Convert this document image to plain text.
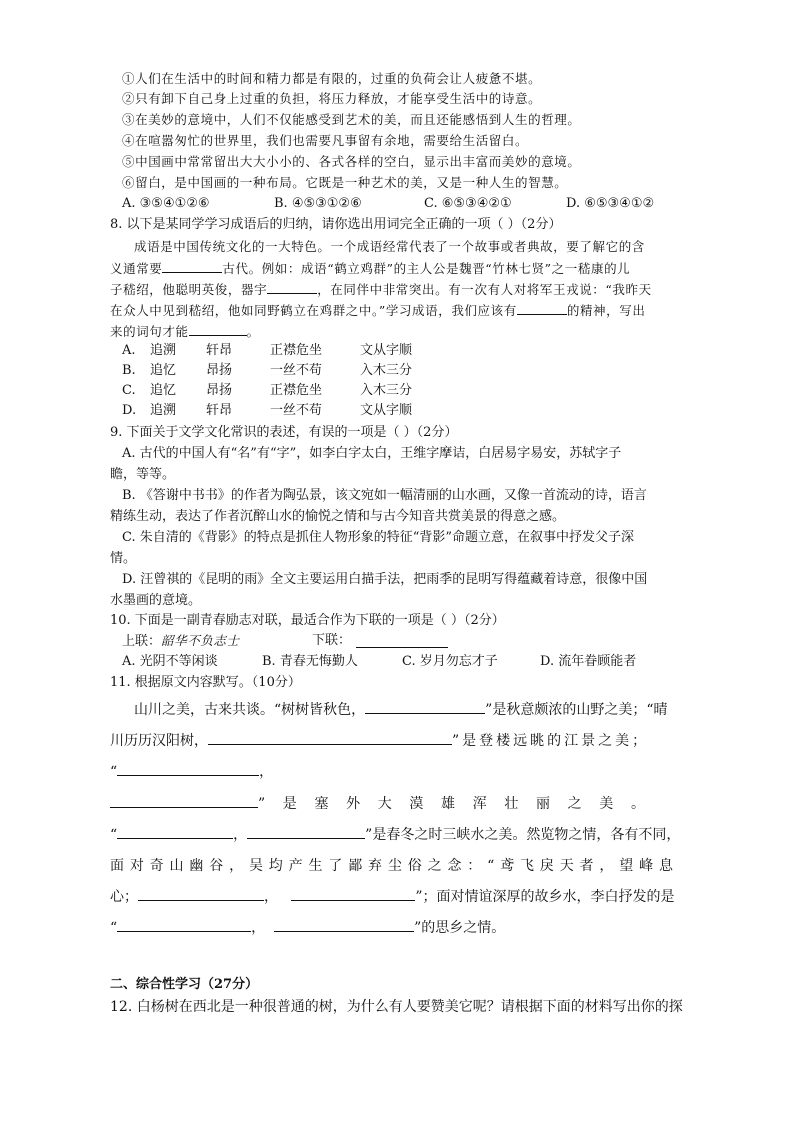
①人们在生活中的时间和精力都是有限的，过重的负荷会让人疲惫不堪。
②只有卸下自己身上过重的负担，将压力释放，才能享受生活中的诗意。
③在美妙的意境中，人们不仅能感受到艺术的美，而且还能感悟到人生的哲理。
④在喧嚣匆忙的世界里，我们也需要凡事留有余地，需要给生活留白。
⑤中国画中常常留出大大小小的、各式各样的空白，显示出丰富而美妙的意境。
⑥留白，是中国画的一种布局。它既是一种艺术的美，又是一种人生的智慧。
A. ③⑤④①②⑥	B. ④⑤③①②⑥	C. ⑥⑤③④②①	D. ⑥⑤③④①②
8. 以下是某同学学习成语后的归纳，请你选出用词完全正确的一项（ ）（2分）
成语是中国传统文化的一大特色。一个成语经常代表了一个故事或者典故，要了解它的含
义通常要	古代。例如：成语“鹤立鸡群”的主人公是魏晋“竹林七贤”之一嵇康的儿
子嵇绍，他聪明英俊，器宇	，在同伴中非常突出。有一次有人对将军王戎说：“我昨天
在众人中见到嵇绍，他如同野鹤立在鸡群之中。”学习成语，我们应该有	的精神，写出
来的词句才能	。
A. 追溯 轩昂	正襟危坐	文从字顺
B. 追忆 昂扬	一丝不苟	入木三分
C. 追忆 昂扬	正襟危坐	入木三分
D. 追溯 轩昂	一丝不苟	文从字顺
9. 下面关于文学文化常识的表述，有误的一项是（ ）（2分）
A. 古代的中国人有“名”有“字”，如李白字太白，王维字摩诘，白居易字易安，苏轼字子
瞻，等等。
B. 《答谢中书书》的作者为陶弘景，该文宛如一幅清丽的山水画，又像一首流动的诗，语言
精练生动，表达了作者沉醉山水的愉悦之情和与古今知音共赏美景的得意之感。
C. 朱自清的《背影》的特点是抓住人物形象的特征“背影”命题立意，在叙事中抒发父子深
情。
D. 汪曾祺的《昆明的雨》全文主要运用白描手法，把雨季的昆明写得蕴藏着诗意，很像中国
水墨画的意境。
10. 下面是一副青春励志对联，最适合作为下联的一项是（ ）（2分）
上联：韶华不负志士	下联：
A. 光阴不等闲谈	B. 青春无悔勤人	C. 岁月勿忘才子	D. 流年眷顾能者
11. 根据原文内容默写。（10分）
山川之美，古来共谈。“树树皆秋色，	”是秋意颇浓的山野之美；“晴
川历历汉阳树，	”是登楼远眺的江景之美；
“	，
” 是 塞 外 大 漠 雄 浑 壮 丽 之 美 。
“	，	”是春冬之时三峡水之美。然览物之情，各有不同，
面 对 奇 山 幽 谷 ， 吴 均 产 生 了 鄙 弃 尘 俗 之 念 ： “ 鸢 飞 戾 天 者 ， 望 峰 息
心；	，	”；面对情谊深厚的故乡水，李白抒发的是
“	，	”的思乡之情。
二、综合性学习（27分）
12. 白杨树在西北是一种很普通的树，为什么有人要赞美它呢？请根据下面的材料写出你的探
